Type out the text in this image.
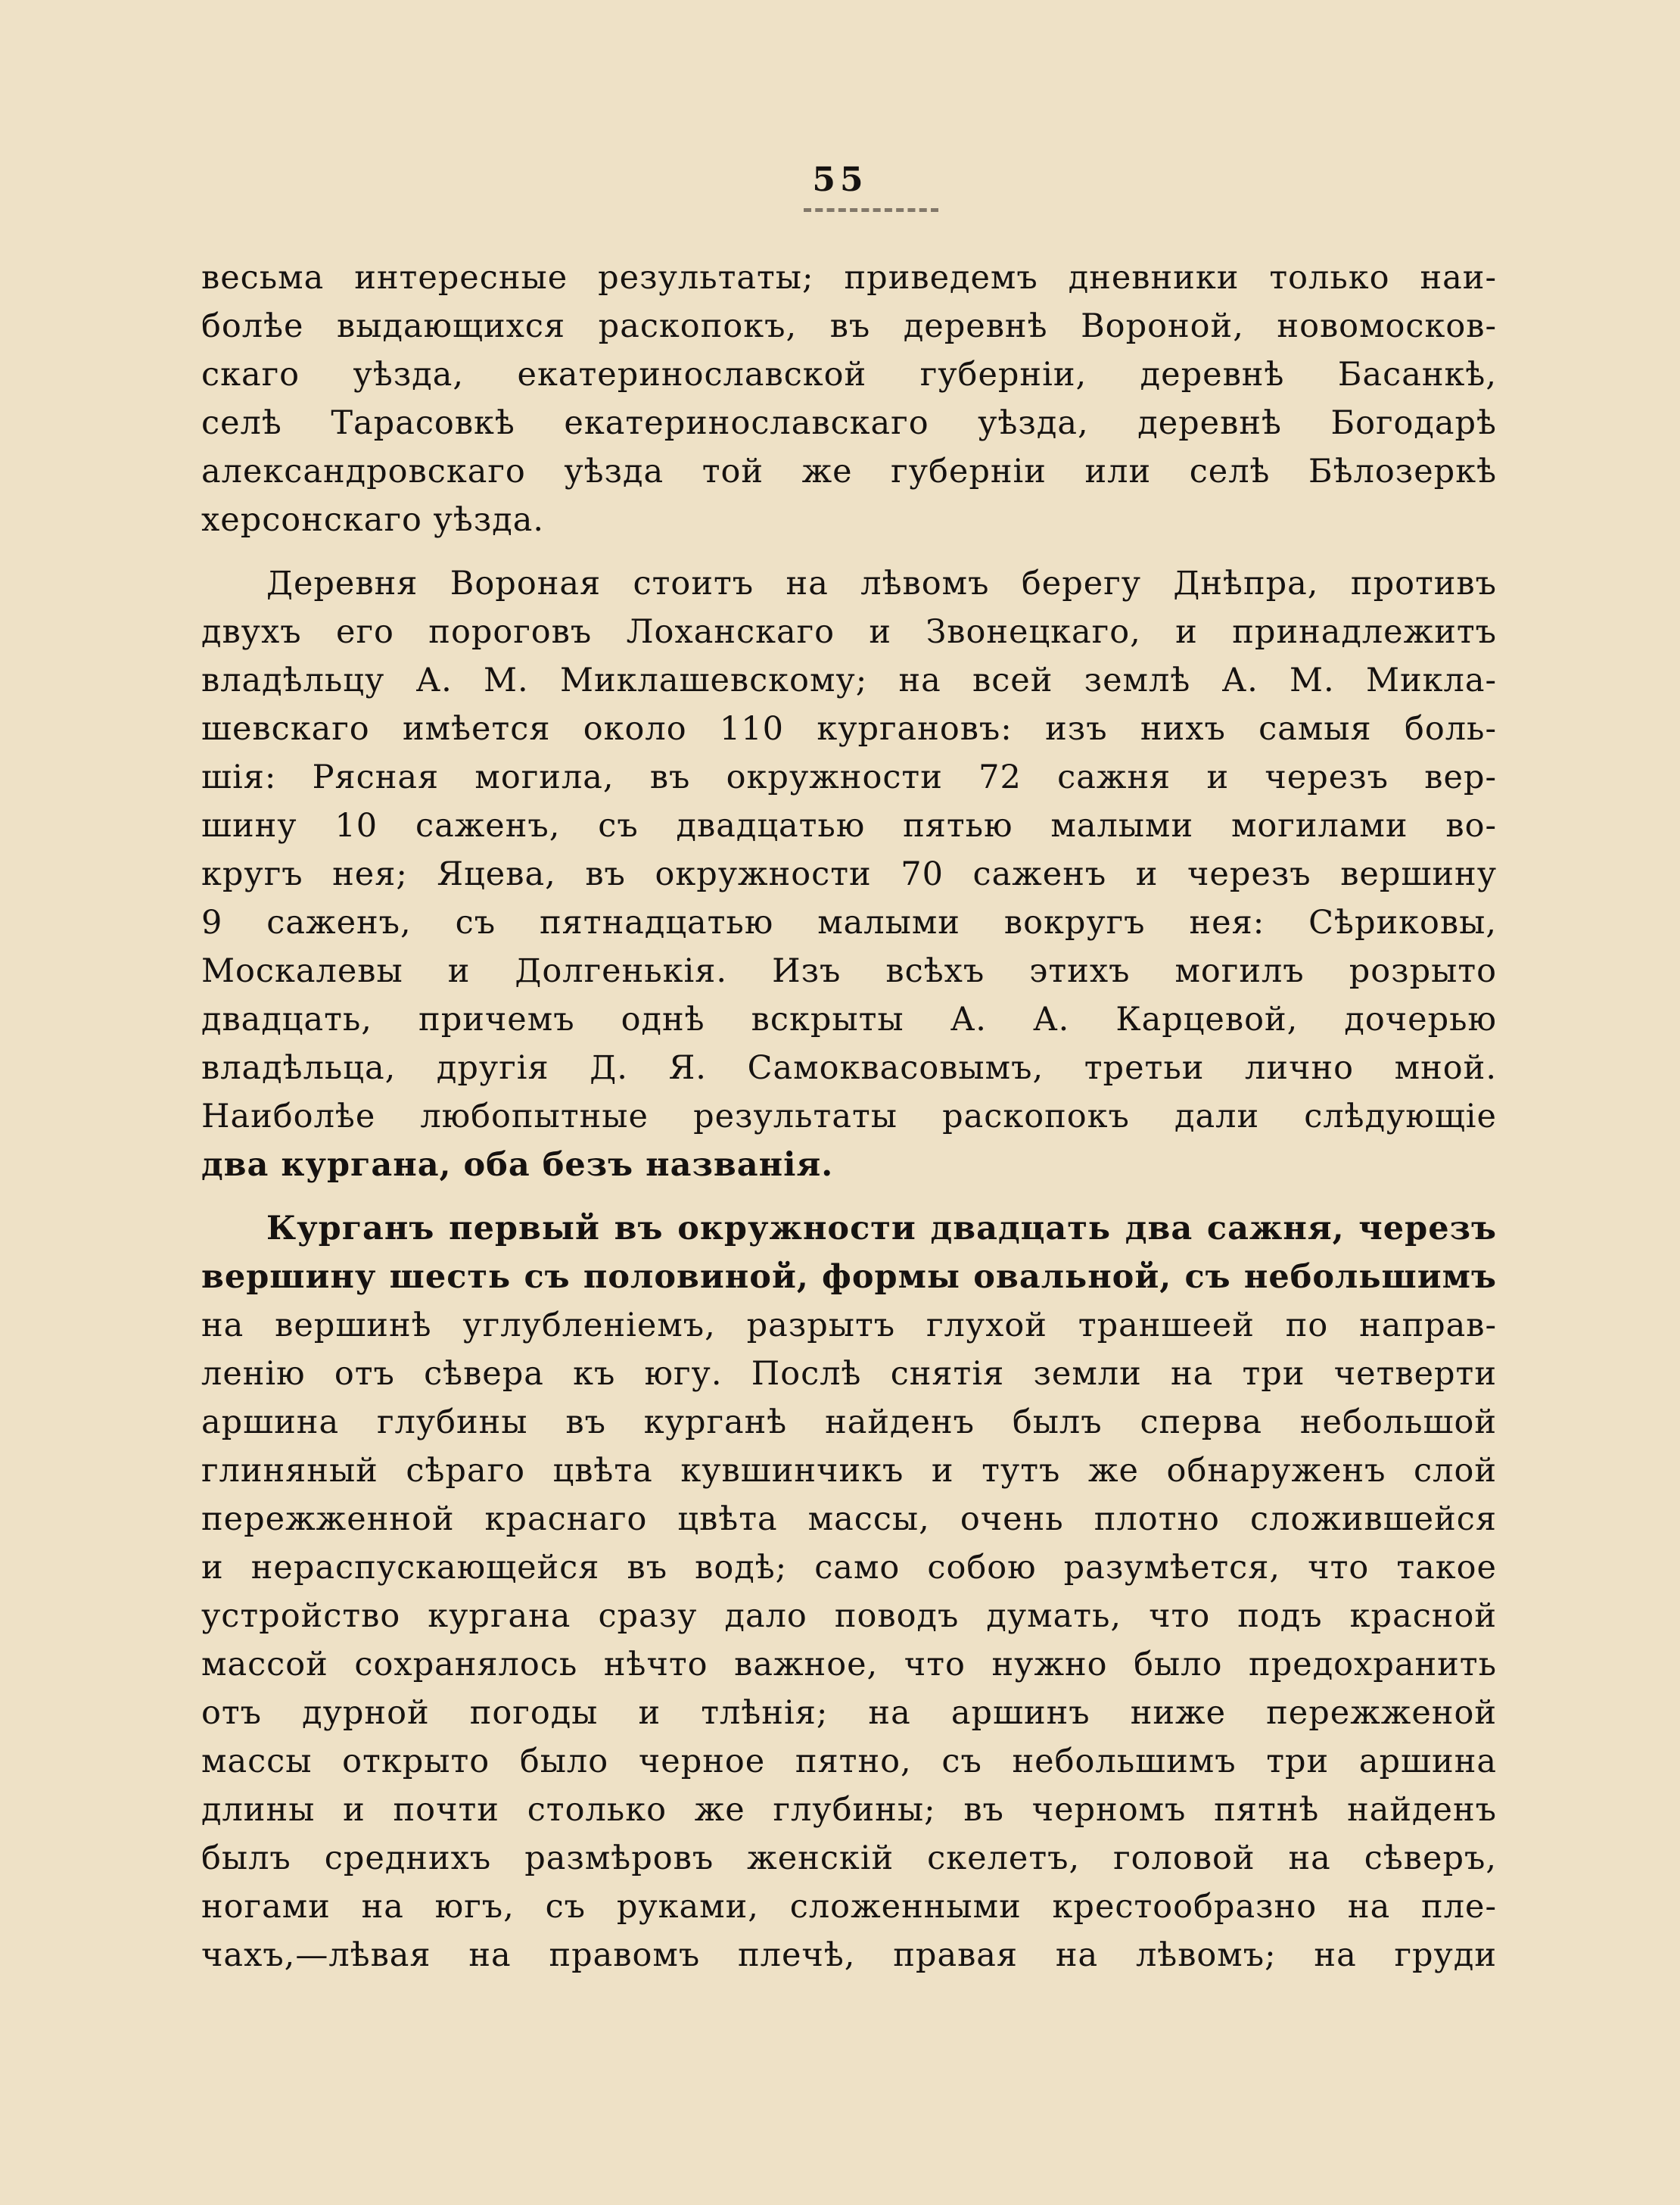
55
весьма интересные результаты; приведемъ дневники только наи-
болѣе выдающихся раскопокъ, въ деревнѣ Вороной, новомосков-
скаго уѣзда, екатеринославской губерніи, деревнѣ Басанкѣ,
селѣ Тарасовкѣ екатеринославскаго уѣзда, деревнѣ Богодарѣ
александровскаго уѣзда той же губерніи или селѣ Бѣлозеркѣ
херсонскаго уѣзда.
Деревня Вороная стоитъ на лѣвомъ берегу Днѣпра, противъ
двухъ его пороговъ Лоханскаго и Звонецкаго, и принадлежитъ
владѣльцу А. М. Миклашевскому; на всей землѣ А. М. Микла-
шевскаго имѣется около 110 кургановъ: изъ нихъ самыя боль-
шія: Рясная могила, въ окружности 72 сажня и черезъ вер-
шину 10 саженъ, съ двадцатью пятью малыми могилами во-
кругъ нея; Яцева, въ окружности 70 саженъ и черезъ вершину
9 саженъ, съ пятнадцатью малыми вокругъ нея: Сѣриковы,
Москалевы и Долгенькія. Изъ всѣхъ этихъ могилъ розрыто
двадцать, причемъ однѣ вскрыты А. А. Карцевой, дочерью
владѣльца, другія Д. Я. Самоквасовымъ, третьи лично мной.
Наиболѣе любопытные результаты раскопокъ дали слѣдующіе
два кургана, оба безъ названія.
Курганъ первый въ окружности двадцать два сажня, черезъ
вершину шесть съ половиной, формы овальной, съ небольшимъ
на вершинѣ углубленіемъ, разрытъ глухой траншеей по направ-
ленію отъ сѣвера къ югу. Послѣ снятія земли на три четверти
аршина глубины въ курганѣ найденъ былъ сперва небольшой
глиняный сѣраго цвѣта кувшинчикъ и тутъ же обнаруженъ слой
пережженной краснаго цвѣта массы, очень плотно сложившейся
и нераспускающейся въ водѣ; само собою разумѣется, что такое
устройство кургана сразу дало поводъ думать, что подъ красной
массой сохранялось нѣчто важное, что нужно было предохранить
отъ дурной погоды и тлѣнія; на аршинъ ниже пережженой
массы открыто было черное пятно, съ небольшимъ три аршина
длины и почти столько же глубины; въ черномъ пятнѣ найденъ
былъ среднихъ размѣровъ женскій скелетъ, головой на сѣверъ,
ногами на югъ, съ руками, сложенными крестообразно на пле-
чахъ,—лѣвая на правомъ плечѣ, правая на лѣвомъ; на груди
